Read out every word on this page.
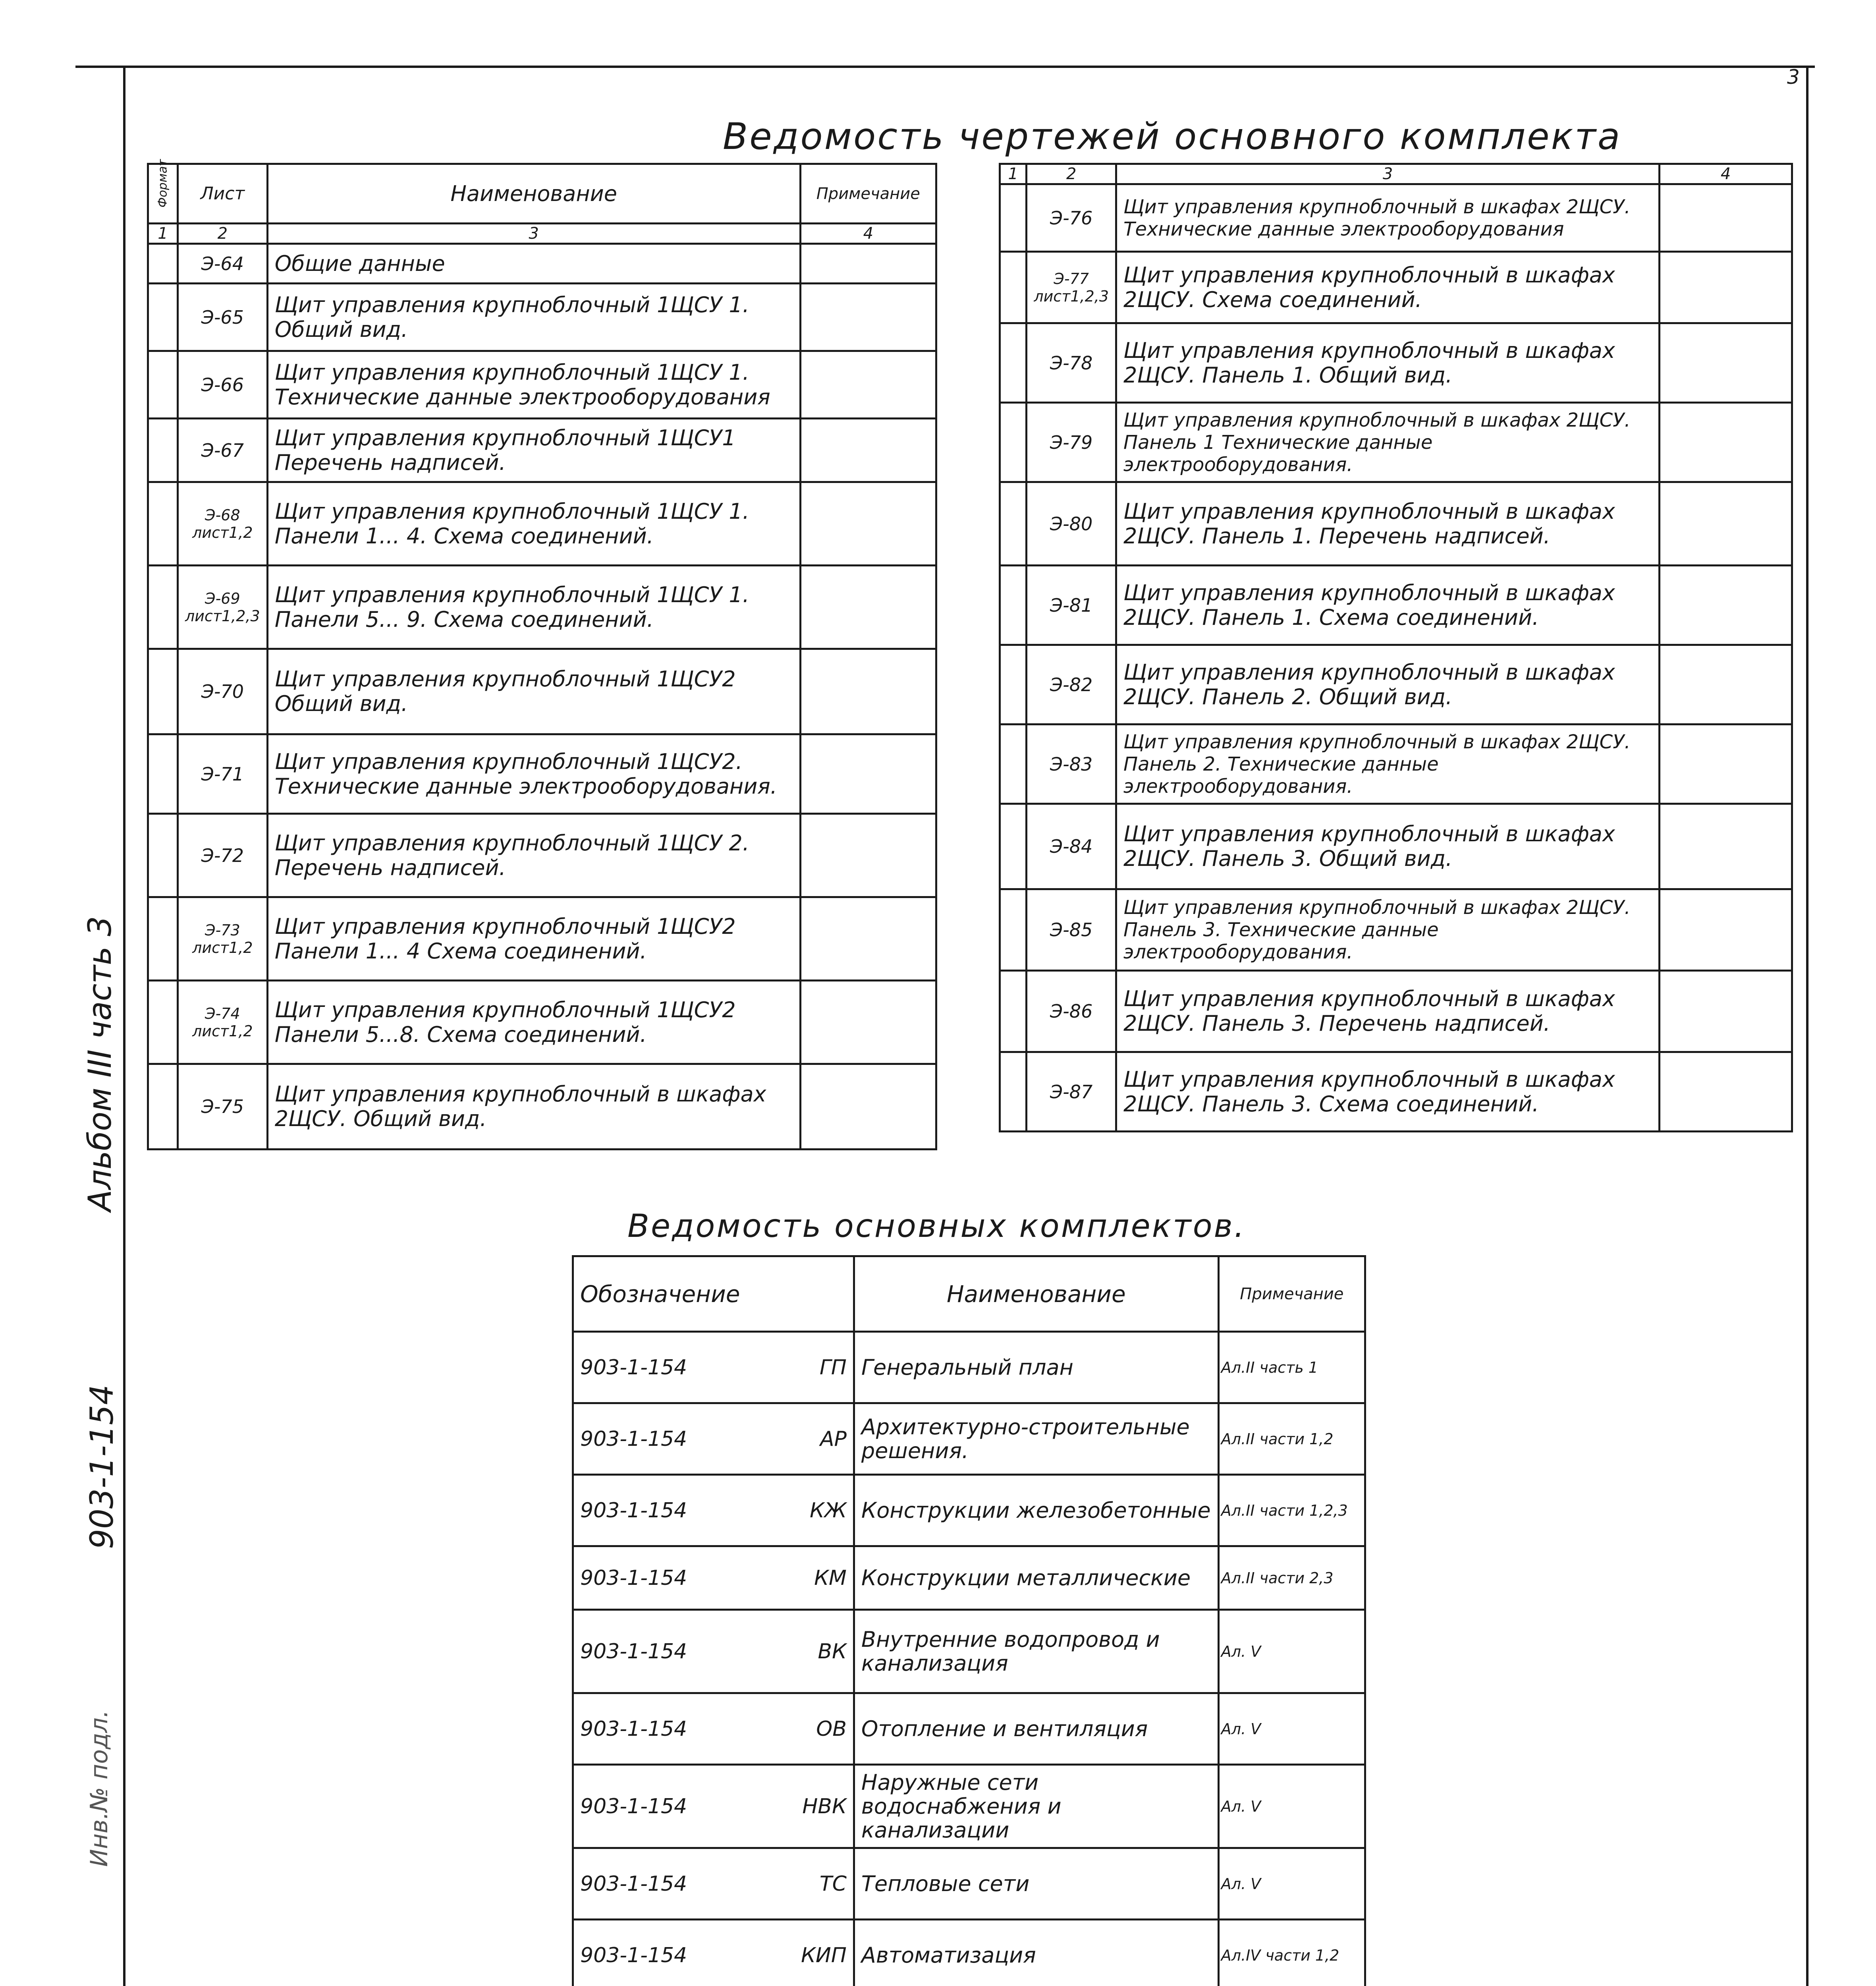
3
Альбом III часть 3
903-1-154
Инв.№ подл.
Ведомость чертежей основного комплекта
Формат	Лист	Наименование	Примечание
1	2	3	4
	Э-64	Общие данные	
	Э-65	Щит управления крупноблочный 1ЩСУ 1. Общий вид.	
	Э-66	Щит управления крупноблочный 1ЩСУ 1. Технические данные электрооборудования	
	Э-67	Щит управления крупноблочный 1ЩСУ1 Перечень надписей.	
	Э-68 лист1,2	Щит управления крупноблочный 1ЩСУ 1. Панели 1... 4. Схема соединений.	
	Э-69 лист1,2,3	Щит управления крупноблочный 1ЩСУ 1. Панели 5... 9. Схема соединений.	
	Э-70	Щит управления крупноблочный 1ЩСУ2 Общий вид.	
	Э-71	Щит управления крупноблочный 1ЩСУ2. Технические данные электрооборудования.	
	Э-72	Щит управления крупноблочный 1ЩСУ 2. Перечень надписей.	
	Э-73 лист1,2	Щит управления крупноблочный 1ЩСУ2 Панели 1... 4 Схема соединений.	
	Э-74 лист1,2	Щит управления крупноблочный 1ЩСУ2 Панели 5...8. Схема соединений.	
	Э-75	Щит управления крупноблочный в шкафах 2ЩСУ. Общий вид.	
1	2	3	4
	Э-76	Щит управления крупноблочный в шкафах 2ЩСУ. Технические данные электрооборудования	
	Э-77 лист1,2,3	Щит управления крупноблочный в шкафах 2ЩСУ. Схема соединений.	
	Э-78	Щит управления крупноблочный в шкафах 2ЩСУ. Панель 1. Общий вид.	
	Э-79	Щит управления крупноблочный в шкафах 2ЩСУ. Панель 1 Технические данные электрооборудования.	
	Э-80	Щит управления крупноблочный в шкафах 2ЩСУ. Панель 1. Перечень надписей.	
	Э-81	Щит управления крупноблочный в шкафах 2ЩСУ. Панель 1. Схема соединений.	
	Э-82	Щит управления крупноблочный в шкафах 2ЩСУ. Панель 2. Общий вид.	
	Э-83	Щит управления крупноблочный в шкафах 2ЩСУ. Панель 2. Технические данные электрооборудования.	
	Э-84	Щит управления крупноблочный в шкафах 2ЩСУ. Панель 3. Общий вид.	
	Э-85	Щит управления крупноблочный в шкафах 2ЩСУ. Панель 3. Технические данные электрооборудования.	
	Э-86	Щит управления крупноблочный в шкафах 2ЩСУ. Панель 3. Перечень надписей.	
	Э-87	Щит управления крупноблочный в шкафах 2ЩСУ. Панель 3. Схема соединений.	
Ведомость основных комплектов.
Обозначение		Наименование	Примечание
903-1-154	ГП	Генеральный план	Ал.II часть 1
903-1-154	АР	Архитектурно-строительные решения.	Ал.II части 1,2
903-1-154	КЖ	Конструкции железобетонные	Ал.II части 1,2,3
903-1-154	КМ	Конструкции металлические	Ал.II части 2,3
903-1-154	ВК	Внутренние водопровод и канализация	Ал. V
903-1-154	ОВ	Отопление и вентиляция	Ал. V
903-1-154	НВК	Наружные сети водоснабжения и канализации	Ал. V
903-1-154	ТС	Тепловые сети	Ал. V
903-1-154	КИП	Автоматизация	Ал.IV части 1,2
